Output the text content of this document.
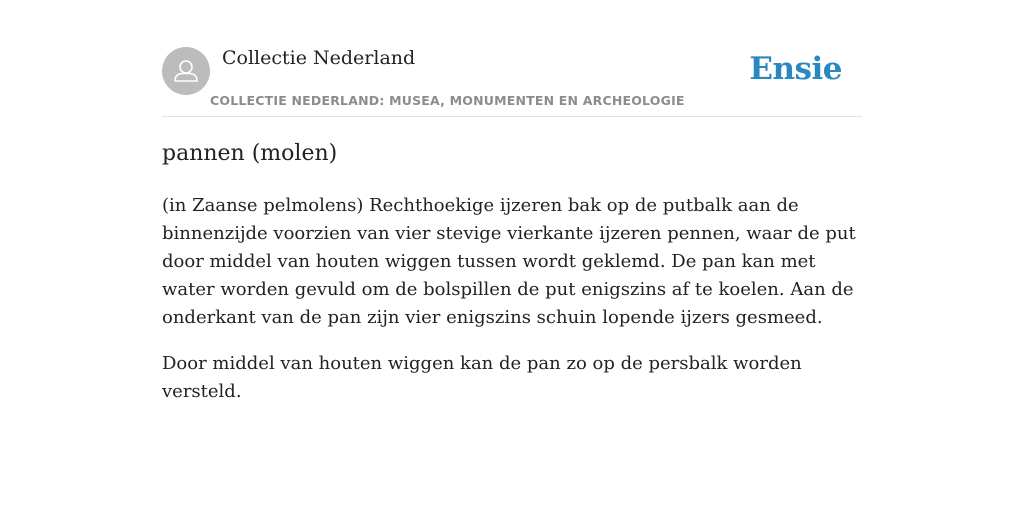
Collectie Nederland
COLLECTIE NEDERLAND: MUSEA, MONUMENTEN EN ARCHEOLOGIE
Ensie
pannen (molen)

(in Zaanse pelmolens) Rechthoekige ijzeren bak op de putbalk aan de binnenzijde voorzien van vier stevige vierkante ijzeren pennen, waar de put door middel van houten wiggen tussen wordt geklemd. De pan kan met water worden gevuld om de bolspillen de put enigszins af te koelen. Aan de onderkant van de pan zijn vier enigszins schuin lopende ijzers gesmeed.

Door middel van houten wiggen kan de pan zo op de persbalk worden versteld.
